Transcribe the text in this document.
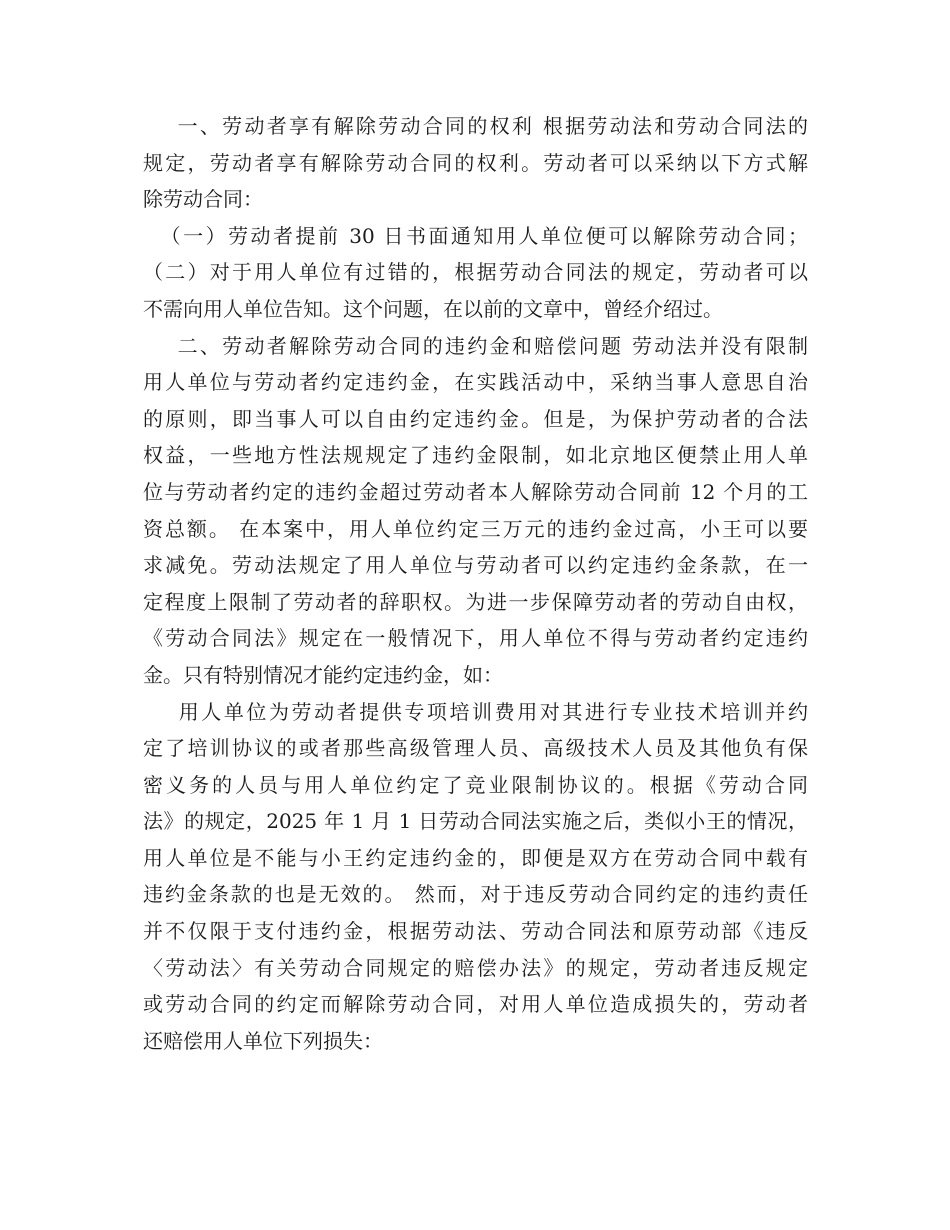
一、劳动者享有解除劳动合同的权利 根据劳动法和劳动合同法的
规定，劳动者享有解除劳动合同的权利。劳动者可以采纳以下方式解
除劳动合同：
（一）劳动者提前 30 日书面通知用人单位便可以解除劳动合同；
（二）对于用人单位有过错的，根据劳动合同法的规定，劳动者可以
不需向用人单位告知。这个问题，在以前的文章中，曾经介绍过。
二、劳动者解除劳动合同的违约金和赔偿问题 劳动法并没有限制
用人单位与劳动者约定违约金，在实践活动中，采纳当事人意思自治
的原则，即当事人可以自由约定违约金。但是，为保护劳动者的合法
权益，一些地方性法规规定了违约金限制，如北京地区便禁止用人单
位与劳动者约定的违约金超过劳动者本人解除劳动合同前 12 个月的工
资总额。 在本案中，用人单位约定三万元的违约金过高，小王可以要
求减免。劳动法规定了用人单位与劳动者可以约定违约金条款，在一
定程度上限制了劳动者的辞职权。为进一步保障劳动者的劳动自由权，
《劳动合同法》规定在一般情况下，用人单位不得与劳动者约定违约
金。只有特别情况才能约定违约金，如：
用人单位为劳动者提供专项培训费用对其进行专业技术培训并约
定了培训协议的或者那些高级管理人员、高级技术人员及其他负有保
密义务的人员与用人单位约定了竞业限制协议的。根据《劳动合同
法》的规定，2025 年 1 月 1 日劳动合同法实施之后，类似小王的情况，
用人单位是不能与小王约定违约金的，即便是双方在劳动合同中载有
违约金条款的也是无效的。 然而，对于违反劳动合同约定的违约责任
并不仅限于支付违约金，根据劳动法、劳动合同法和原劳动部《违反
〈劳动法〉有关劳动合同规定的赔偿办法》的规定，劳动者违反规定
或劳动合同的约定而解除劳动合同，对用人单位造成损失的，劳动者
还赔偿用人单位下列损失：
